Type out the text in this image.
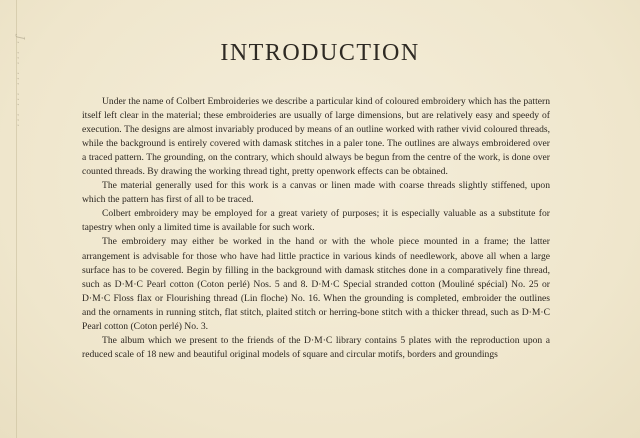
J. ... ... ... ...	INTRODUCTION

Under the name of Colbert Embroideries we describe a particular kind of coloured embroidery which has the pattern itself left clear in the material; these embroideries are usually of large dimensions, but are relatively easy and speedy of execution. The designs are almost invariably produced by means of an outline worked with rather vivid coloured threads, while the background is entirely covered with damask stitches in a paler tone. The outlines are always embroidered over a traced pattern. The grounding, on the contrary, which should always be begun from the centre of the work, is done over counted threads. By drawing the working thread tight, pretty openwork effects can be obtained.

The material generally used for this work is a canvas or linen made with coarse threads slightly stiffened, upon which the pattern has first of all to be traced.

Colbert embroidery may be employed for a great variety of purposes; it is especially valuable as a substitute for tapestry when only a limited time is available for such work.

The embroidery may either be worked in the hand or with the whole piece mounted in a frame; the latter arrangement is advisable for those who have had little practice in various kinds of needlework, above all when a large surface has to be covered. Begin by filling in the background with damask stitches done in a comparatively fine thread, such as D·M·C Pearl cotton (Coton perlé) Nos. 5 and 8. D·M·C Special stranded cotton (Mouliné spécial) No. 25 or D·M·C Floss flax or Flourishing thread (Lin floche) No. 16. When the grounding is completed, embroider the outlines and the ornaments in running stitch, flat stitch, plaited stitch or herring-bone stitch with a thicker thread, such as D·M·C Pearl cotton (Coton perlé) No. 3.

The album which we present to the friends of the D·M·C library contains 5 plates with the reproduction upon a reduced scale of 18 new and beautiful original models of square and circular motifs, borders and groundings
